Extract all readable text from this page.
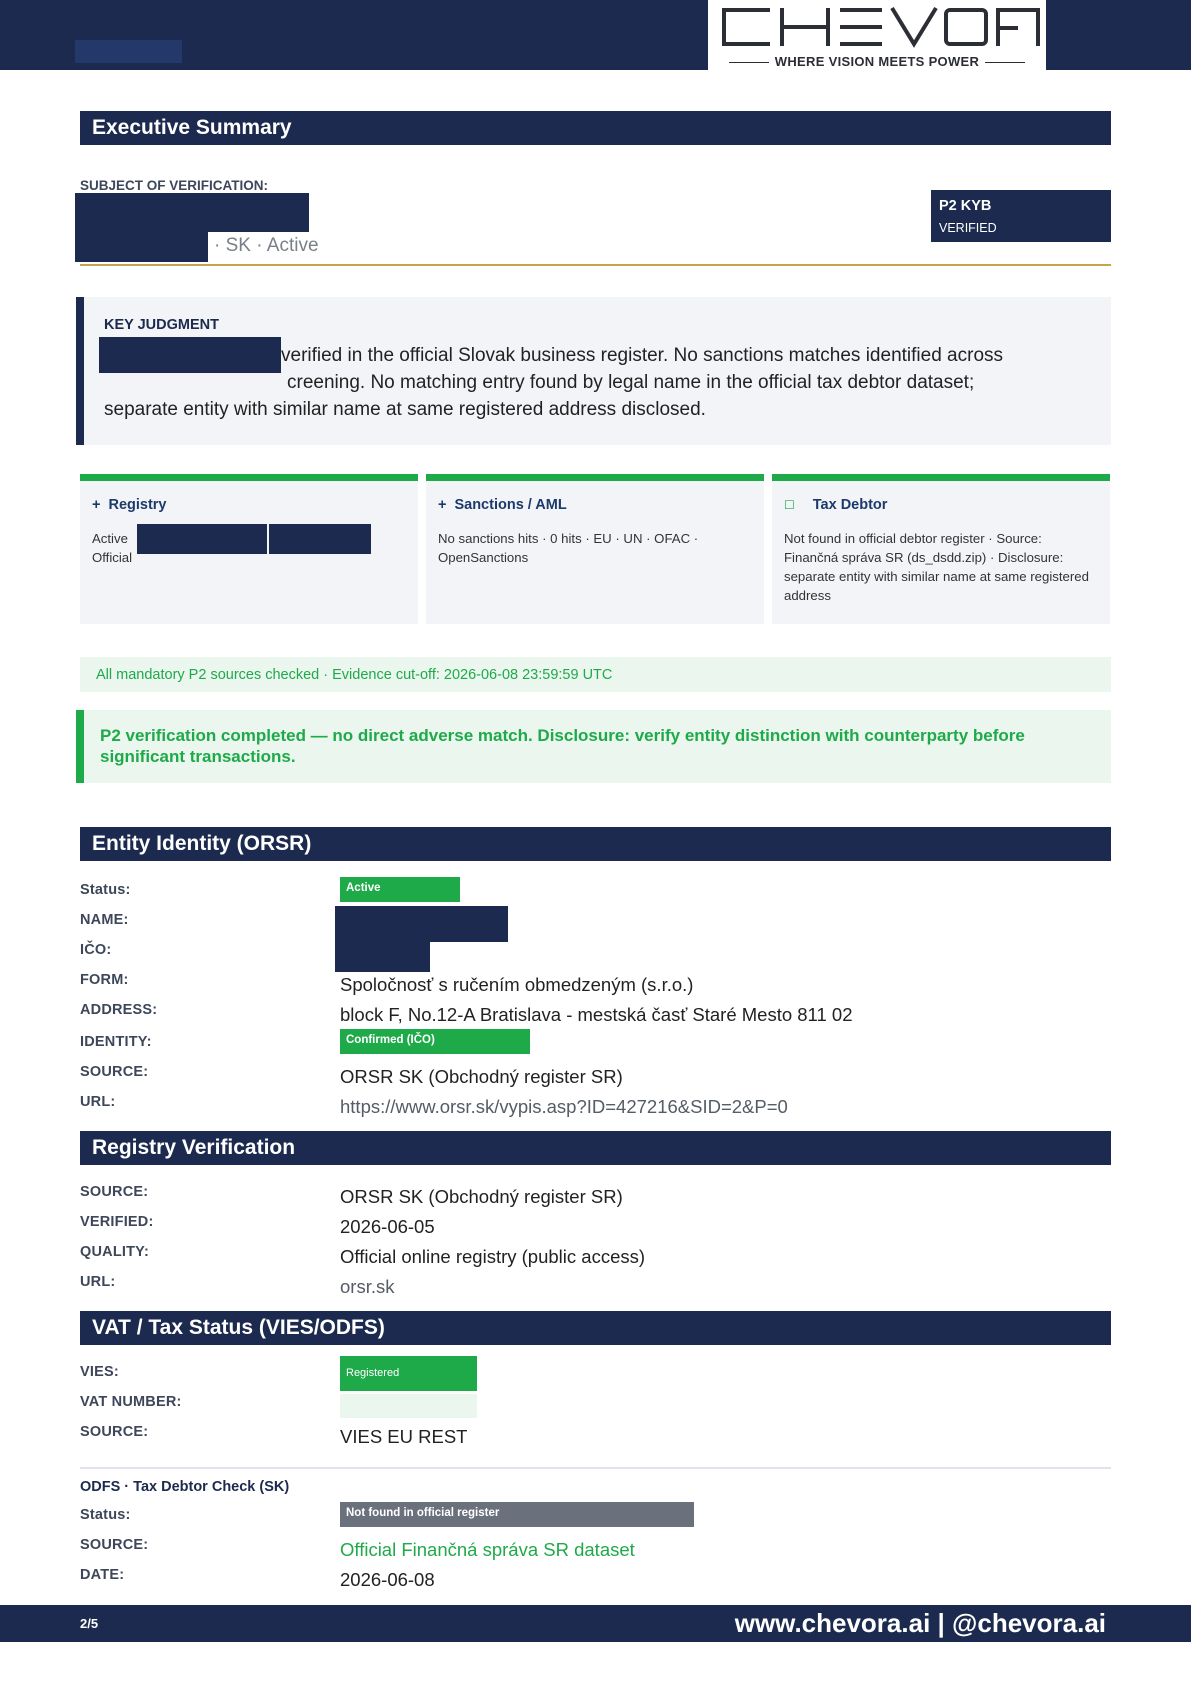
WHERE VISION MEETS POWER
Executive Summary
SUBJECT OF VERIFICATION:
· SK · Active
P2 KYB
VERIFIED
KEY JUDGMENT
verified in the official Slovak business register. No sanctions matches identified across
creening. No matching entry found by legal name in the official tax debtor dataset;
separate entity with similar name at same registered address disclosed.
+ Registry
Active
Official
+ Sanctions / AML
No sanctions hits · 0 hits · EU · UN · OFAC · OpenSanctions
☐ Tax Debtor
Not found in official debtor register · Source: Finančná správa SR (ds_dsdd.zip) · Disclosure: separate entity with similar name at same registered address
All mandatory P2 sources checked · Evidence cut-off: 2026-06-08 23:59:59 UTC
P2 verification completed — no direct adverse match. Disclosure: verify entity distinction with counterparty before significant transactions.
Entity Identity (ORSR)
Status:	Active
NAME:
IČO:
FORM:	Spoločnosť s ručením obmedzeným (s.r.o.)
ADDRESS:	block F, No.12-A Bratislava - mestská časť Staré Mesto 811 02
IDENTITY:	Confirmed (IČO)
SOURCE:	ORSR SK (Obchodný register SR)
URL:	https://www.orsr.sk/vypis.asp?ID=427216&SID=2&P=0
Registry Verification
SOURCE:	ORSR SK (Obchodný register SR)
VERIFIED:	2026-06-05
QUALITY:	Official online registry (public access)
URL:	orsr.sk
VAT / Tax Status (VIES/ODFS)
VIES:	Registered
VAT NUMBER:
SOURCE:	VIES EU REST
ODFS · Tax Debtor Check (SK)
Status:	Not found in official register
SOURCE:	Official Finančná správa SR dataset
DATE:	2026-06-08
2/5	www.chevora.ai | @chevora.ai
